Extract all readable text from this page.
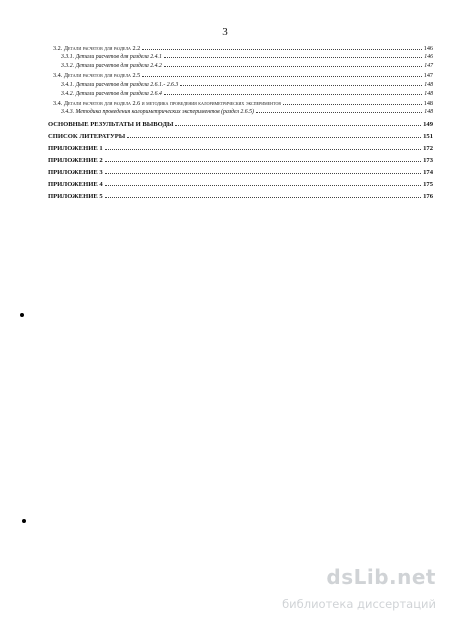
3
3.2. Детали расчетов для раздела 2.2	146
3.3.1. Детали расчетов для раздела 2.4.1	146
3.3.2. Детали расчетов для раздела 2.4.2	147
3.4. Детали расчетов для раздела 2.5	147
3.4.1. Детали расчетов для раздела 2.6.1.- 2.6.3	148
3.4.2. Детали расчетов для раздела 2.6.4	148
3.4. Детали расчетов для раздела 2.6 и методика проведения калориметрических экспериментов	148
3.4.3. Методика проведения калориметрических экспериментов (раздел 2.6.5)	148
ОСНОВНЫЕ РЕЗУЛЬТАТЫ И ВЫВОДЫ	149
СПИСОК ЛИТЕРАТУРЫ	151
ПРИЛОЖЕНИЕ 1	172
ПРИЛОЖЕНИЕ 2	173
ПРИЛОЖЕНИЕ 3	174
ПРИЛОЖЕНИЕ 4	175
ПРИЛОЖЕНИЕ 5	176
dsLib.net
библиотека диссертаций
